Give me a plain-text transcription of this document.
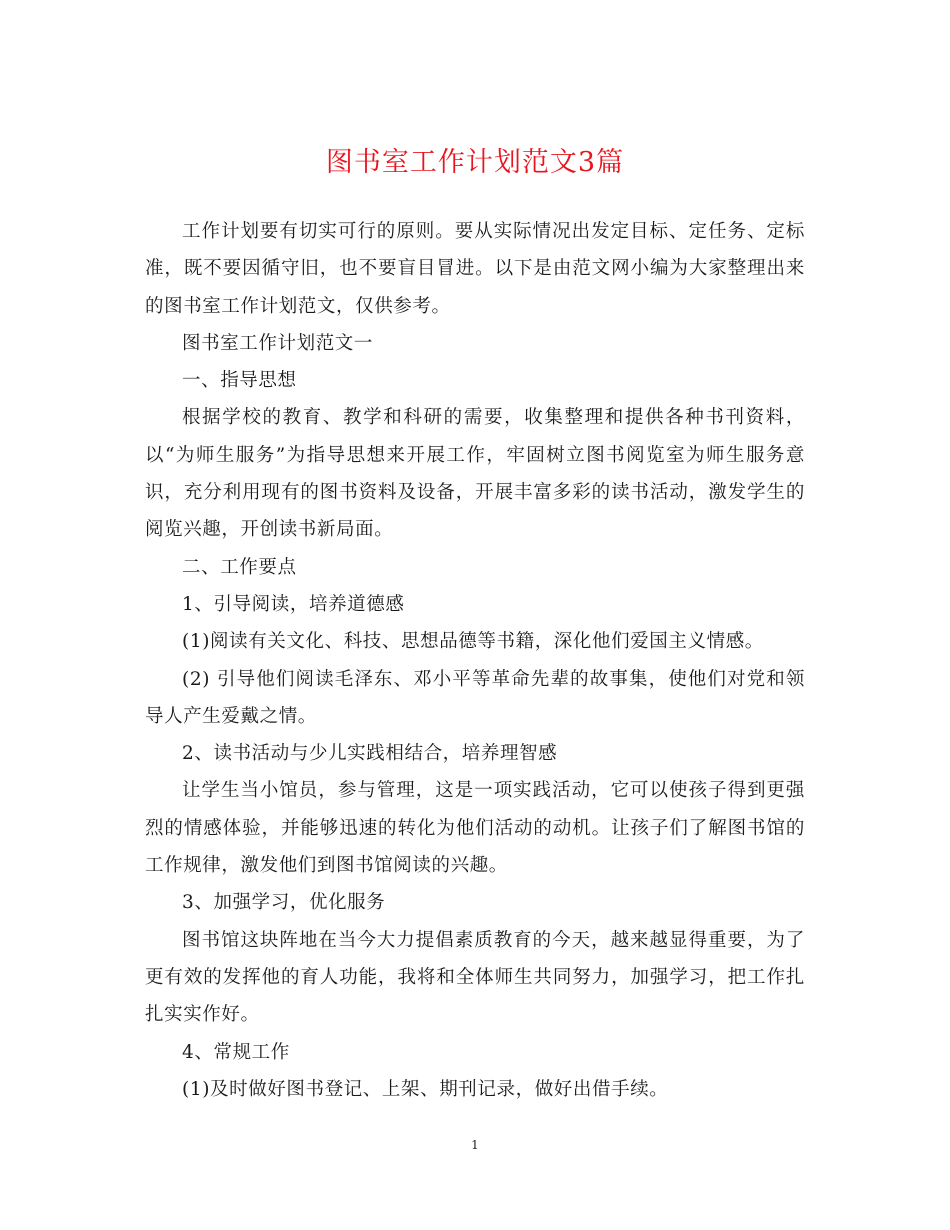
图书室工作计划范文3篇

工作计划要有切实可行的原则。要从实际情况出发定目标、定任务、定标准，既不要因循守旧，也不要盲目冒进。以下是由范文网小编为大家整理出来的图书室工作计划范文，仅供参考。

图书室工作计划范文一

一、指导思想

根据学校的教育、教学和科研的需要，收集整理和提供各种书刊资料，以“为师生服务”为指导思想来开展工作，牢固树立图书阅览室为师生服务意识，充分利用现有的图书资料及设备，开展丰富多彩的读书活动，激发学生的阅览兴趣，开创读书新局面。

二、工作要点

1、引导阅读，培养道德感

(1)阅读有关文化、科技、思想品德等书籍，深化他们爱国主义情感。

(2) 引导他们阅读毛泽东、邓小平等革命先辈的故事集，使他们对党和领导人产生爱戴之情。

2、读书活动与少儿实践相结合，培养理智感

让学生当小馆员，参与管理，这是一项实践活动，它可以使孩子得到更强烈的情感体验，并能够迅速的转化为他们活动的动机。让孩子们了解图书馆的工作规律，激发他们到图书馆阅读的兴趣。

3、加强学习，优化服务

图书馆这块阵地在当今大力提倡素质教育的今天，越来越显得重要，为了更有效的发挥他的育人功能，我将和全体师生共同努力，加强学习，把工作扎扎实实作好。

4、常规工作

(1)及时做好图书登记、上架、期刊记录，做好出借手续。

1
